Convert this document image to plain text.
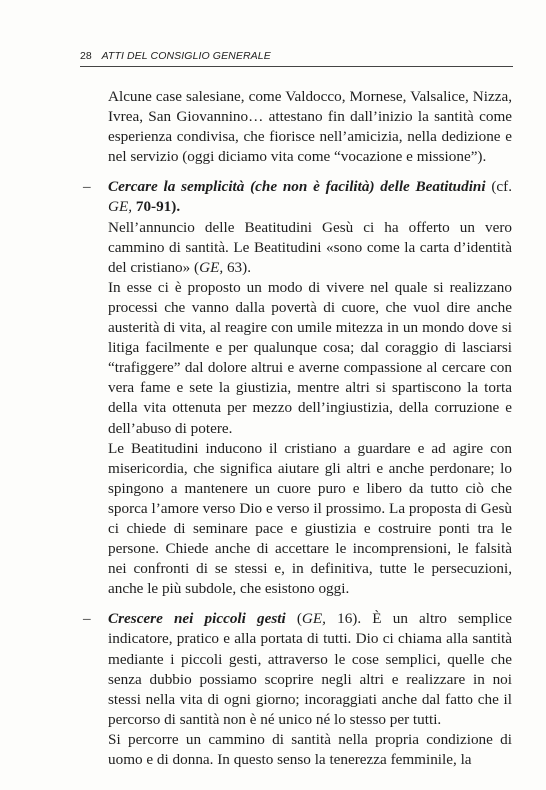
28 ATTI DEL CONSIGLIO GENERALE

Alcune case salesiane, come Valdocco, Mornese, Valsalice, Nizza, Ivrea, San Giovannino… attestano fin dall’inizio la santità come esperienza condivisa, che fiorisce nell’amicizia, nella dedizione e nel servizio (oggi diciamo vita come “vocazione e missione”).

– Cercare la semplicità (che non è facilità) delle Beatitudini (cf. GE, 70-91).

Nell’annuncio delle Beatitudini Gesù ci ha offerto un vero cammino di santità. Le Beatitudini «sono come la carta d’identità del cristiano» (GE, 63).

In esse ci è proposto un modo di vivere nel quale si realizzano processi che vanno dalla povertà di cuore, che vuol dire anche austerità di vita, al reagire con umile mitezza in un mondo dove si litiga facilmente e per qualunque cosa; dal coraggio di lasciarsi “trafiggere” dal dolore altrui e averne compassione al cercare con vera fame e sete la giustizia, mentre altri si spartiscono la torta della vita ottenuta per mezzo dell’ingiustizia, della corruzione e dell’abuso di potere.

Le Beatitudini inducono il cristiano a guardare e ad agire con misericordia, che significa aiutare gli altri e anche perdonare; lo spingono a mantenere un cuore puro e libero da tutto ciò che sporca l’amore verso Dio e verso il prossimo. La proposta di Gesù ci chiede di seminare pace e giustizia e costruire ponti tra le persone. Chiede anche di accettare le incomprensioni, le falsità nei confronti di se stessi e, in definitiva, tutte le persecuzioni, anche le più subdole, che esistono oggi.

– Crescere nei piccoli gesti (GE, 16). È un altro semplice indicatore, pratico e alla portata di tutti. Dio ci chiama alla santità mediante i piccoli gesti, attraverso le cose semplici, quelle che senza dubbio possiamo scoprire negli altri e realizzare in noi stessi nella vita di ogni giorno; incoraggiati anche dal fatto che il percorso di santità non è né unico né lo stesso per tutti.

Si percorre un cammino di santità nella propria condizione di uomo e di donna. In questo senso la tenerezza femminile, la
